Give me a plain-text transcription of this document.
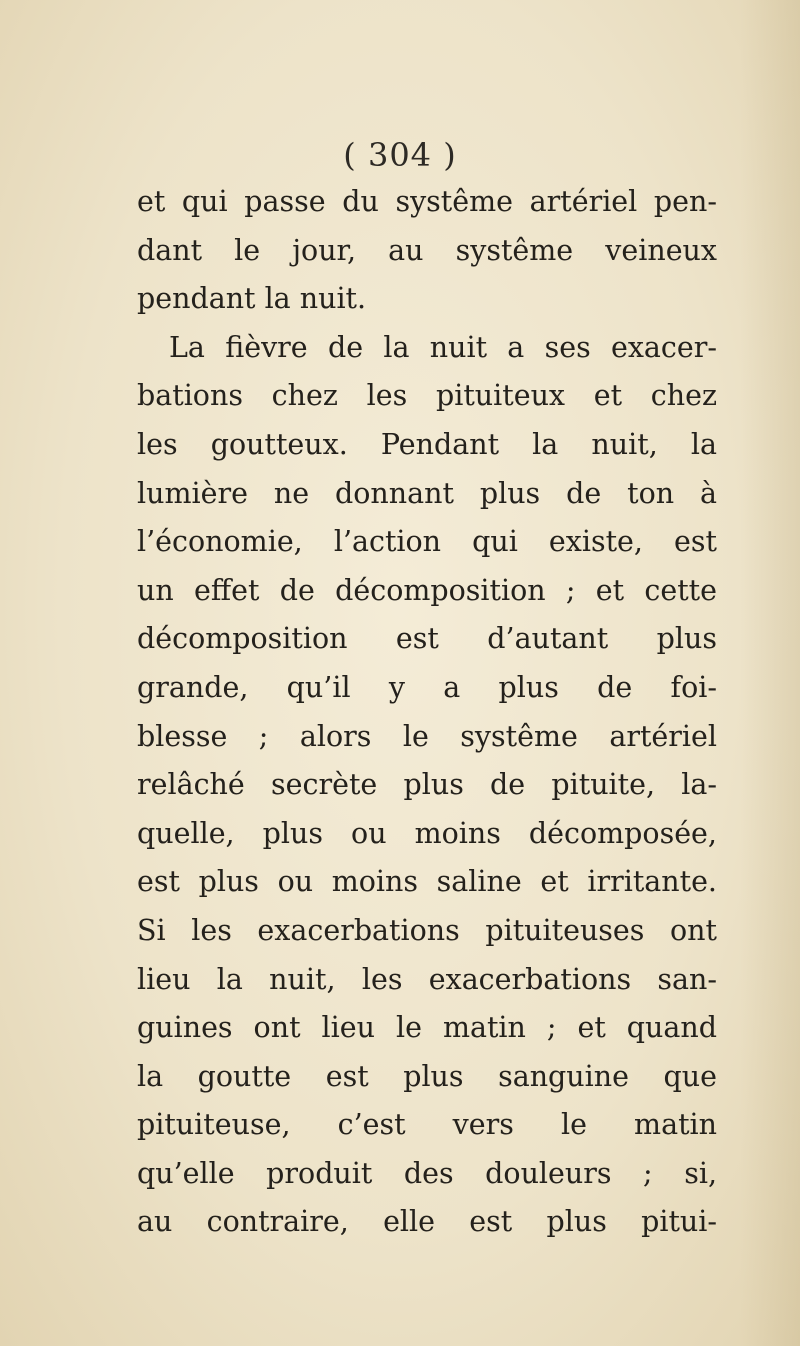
( 304 )
et qui passe du systême artériel pen-
dant le jour, au systême veineux
pendant la nuit.
La fièvre de la nuit a ses exacer-
bations chez les pituiteux et chez
les goutteux. Pendant la nuit, la
lumière ne donnant plus de ton à
l’économie, l’action qui existe, est
un effet de décomposition ; et cette
décomposition est d’autant plus
grande, qu’il y a plus de foi-
blesse ; alors le systême artériel
relâché secrète plus de pituite, la-
quelle, plus ou moins décomposée,
est plus ou moins saline et irritante.
Si les exacerbations pituiteuses ont
lieu la nuit, les exacerbations san-
guines ont lieu le matin ; et quand
la goutte est plus sanguine que
pituiteuse, c’est vers le matin
qu’elle produit des douleurs ; si,
au contraire, elle est plus pitui-
